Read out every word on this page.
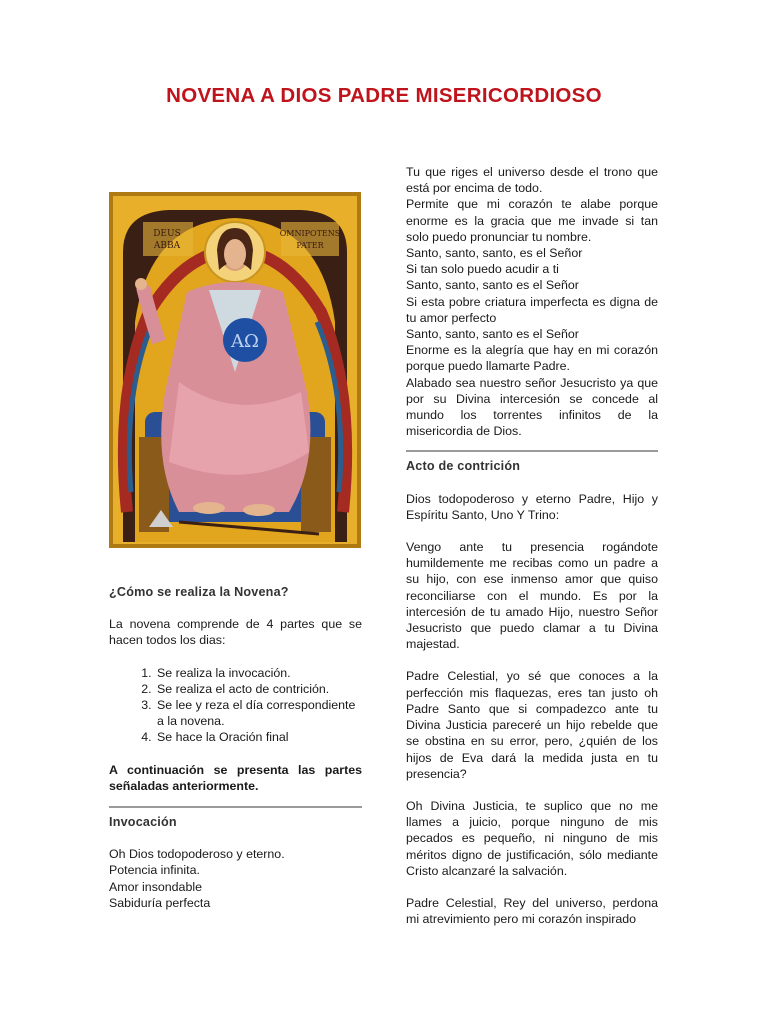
NOVENA A DIOS PADRE MISERICORDIOSO
DEUS
ABBA
OMNIPOTENS
PATER
ΑΩ

¿Cómo se realiza la Novena?

La novena comprende de 4 partes que se hacen todos los dias:

1. Se realiza la invocación.
2. Se realiza el acto de contrición.
3. Se lee y reza el día correspondiente a la novena.
4. Se hace la Oración final

A continuación se presenta las partes señaladas anteriormente.

Invocación

Oh Dios todopoderoso y eterno.

Potencia infinita.

Amor insondable

Sabiduría perfecta

Tu que riges el universo desde el trono que está por encima de todo.

Permite que mi corazón te alabe porque enorme es la gracia que me invade si tan solo puedo pronunciar tu nombre.

Santo, santo, santo, es el Señor

Si tan solo puedo acudir a ti

Santo, santo, santo es el Señor

Si esta pobre criatura imperfecta es digna de tu amor perfecto

Santo, santo, santo es el Señor

Enorme es la alegría que hay en mi corazón porque puedo llamarte Padre.

Alabado sea nuestro señor Jesucristo ya que por su Divina intercesión se concede al mundo los torrentes infinitos de la misericordia de Dios.

Acto de contrición

Dios todopoderoso y eterno Padre, Hijo y Espíritu Santo, Uno Y Trino:

Vengo ante tu presencia rogándote humildemente me recibas como un padre a su hijo, con ese inmenso amor que quiso reconciliarse con el mundo. Es por la intercesión de tu amado Hijo, nuestro Señor Jesucristo que puedo clamar a tu Divina majestad.

Padre Celestial, yo sé que conoces a la perfección mis flaquezas, eres tan justo oh Padre Santo que si compadezco ante tu Divina Justicia pareceré un hijo rebelde que se obstina en su error, pero, ¿quién de los hijos de Eva dará la medida justa en tu presencia?

Oh Divina Justicia, te suplico que no me llames a juicio, porque ninguno de mis pecados es pequeño, ni ninguno de mis méritos digno de justificación, sólo mediante Cristo alcanzaré la salvación.

Padre Celestial, Rey del universo, perdona mi atrevimiento pero mi corazón inspirado
